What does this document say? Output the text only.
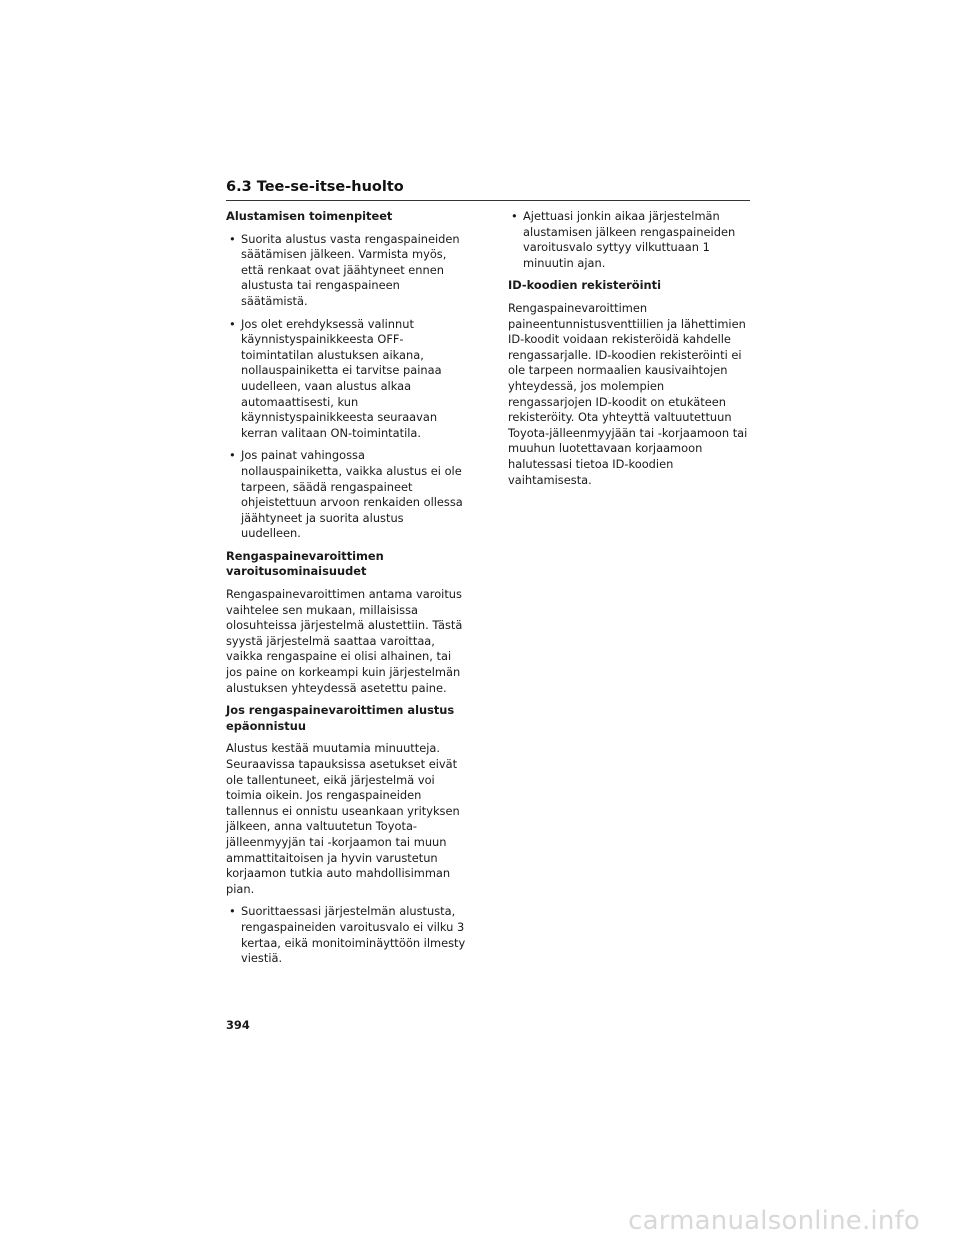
6.3 Tee-se-itse-huolto
Alustamisen toimenpiteet
• Suorita alustus vasta rengaspaineiden säätämisen jälkeen. Varmista myös, että renkaat ovat jäähtyneet ennen alustusta tai rengaspaineen säätämistä.
• Jos olet erehdyksessä valinnut käynnistyspainikkeesta OFF-toimintatilan alustuksen aikana, nollauspainiketta ei tarvitse painaa uudelleen, vaan alustus alkaa automaattisesti, kun käynnistyspainikkeesta seuraavan kerran valitaan ON-toimintatila.
• Jos painat vahingossa nollauspainiketta, vaikka alustus ei ole tarpeen, säädä rengaspaineet ohjeistettuun arvoon renkaiden ollessa jäähtyneet ja suorita alustus uudelleen.
Rengaspainevaroittimen varoitusominaisuudet

Rengaspainevaroittimen antama varoitus vaihtelee sen mukaan, millaisissa olosuhteissa järjestelmä alustettiin. Tästä syystä järjestelmä saattaa varoittaa, vaikka rengaspaine ei olisi alhainen, tai jos paine on korkeampi kuin järjestelmän alustuksen yhteydessä asetettu paine.

Jos rengaspainevaroittimen alustus epäonnistuu

Alustus kestää muutamia minuutteja. Seuraavissa tapauksissa asetukset eivät ole tallentuneet, eikä järjestelmä voi toimia oikein. Jos rengaspaineiden tallennus ei onnistu useankaan yrityksen jälkeen, anna valtuutetun Toyota-jälleenmyyjän tai -korjaamon tai muun ammattitaitoisen ja hyvin varustetun korjaamon tutkia auto mahdollisimman pian.

• Suorittaessasi järjestelmän alustusta, rengaspaineiden varoitusvalo ei vilku 3 kertaa, eikä monitoiminäyttöön ilmesty viestiä.
• Ajettuasi jonkin aikaa järjestelmän alustamisen jälkeen rengaspaineiden varoitusvalo syttyy vilkuttuaan 1 minuutin ajan.
ID-koodien rekisteröinti

Rengaspainevaroittimen paineentunnistusventtiilien ja lähettimien ID-koodit voidaan rekisteröidä kahdelle rengassarjalle. ID-koodien rekisteröinti ei ole tarpeen normaalien kausivaihtojen yhteydessä, jos molempien rengassarjojen ID-koodit on etukäteen rekisteröity. Ota yhteyttä valtuutettuun Toyota-jälleenmyyjään tai -korjaamoon tai muuhun luotettavaan korjaamoon halutessasi tietoa ID-koodien vaihtamisesta.

394
carmanualsonline.info
